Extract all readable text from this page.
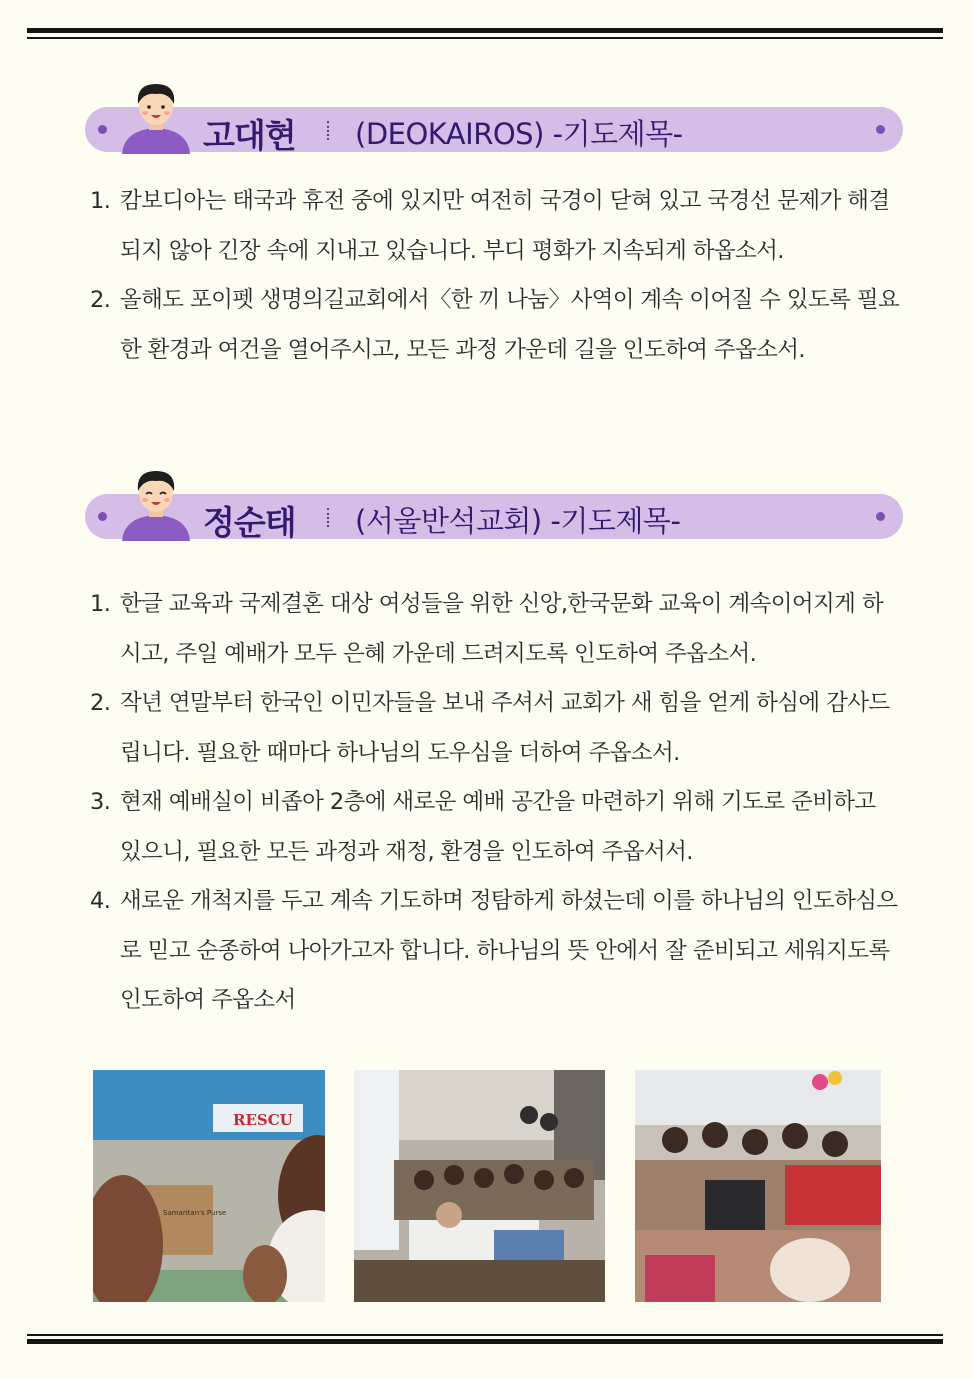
고대현 (DEOKAIROS) -기도제목-
1. 캄보디아는 태국과 휴전 중에 있지만 여전히 국경이 닫혀 있고 국경선 문제가 해결되지 않아 긴장 속에 지내고 있습니다. 부디 평화가 지속되게 하옵소서.
2. 올해도 포이펫 생명의길교회에서〈한 끼 나눔〉사역이 계속 이어질 수 있도록 필요한 환경과 여건을 열어주시고, 모든 과정 가운데 길을 인도하여 주옵소서.
정순태 (서울반석교회) -기도제목-
1. 한글 교육과 국제결혼 대상 여성들을 위한 신앙,한국문화 교육이 계속이어지게 하시고, 주일 예배가 모두 은혜 가운데 드려지도록 인도하여 주옵소서.
2. 작년 연말부터 한국인 이민자들을 보내 주셔서 교회가 새 힘을 얻게 하심에 감사드립니다. 필요한 때마다 하나님의 도우심을 더하여 주옵소서.
3. 현재 예배실이 비좁아 2층에 새로운 예배 공간을 마련하기 위해 기도로 준비하고 있으니, 필요한 모든 과정과 재정, 환경을 인도하여 주옵서서.
4. 새로운 개척지를 두고 계속 기도하며 정탐하게 하셨는데 이를 하나님의 인도하심으로 믿고 순종하여 나아가고자 합니다. 하나님의 뜻 안에서 잘 준비되고 세워지도록 인도하여 주옵소서
RESCU
Samaritan's Purse
